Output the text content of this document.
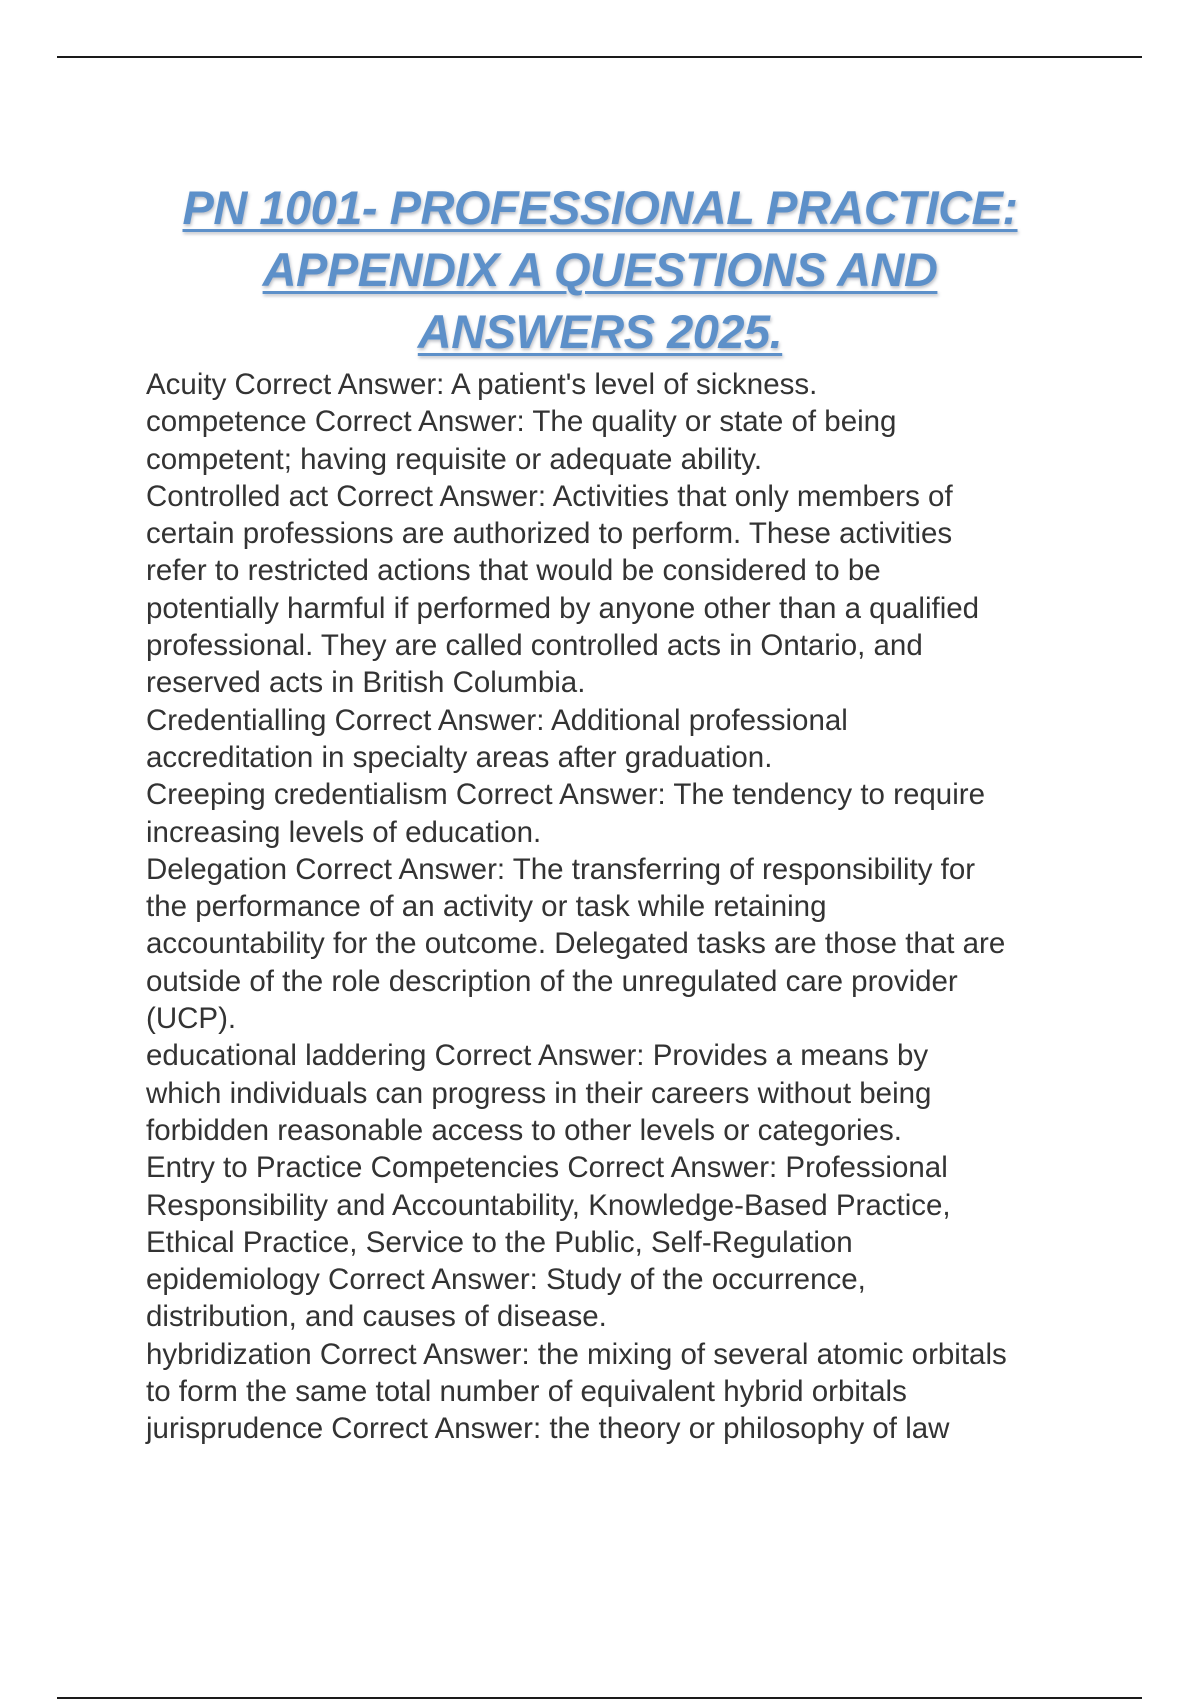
PN 1001- PROFESSIONAL PRACTICE:
APPENDIX A QUESTIONS AND
ANSWERS 2025.
Acuity Correct Answer: A patient's level of sickness.
competence Correct Answer: The quality or state of being
competent; having requisite or adequate ability.
Controlled act Correct Answer: Activities that only members of
certain professions are authorized to perform. These activities
refer to restricted actions that would be considered to be
potentially harmful if performed by anyone other than a qualified
professional. They are called controlled acts in Ontario, and
reserved acts in British Columbia.
Credentialling Correct Answer: Additional professional
accreditation in specialty areas after graduation.
Creeping credentialism Correct Answer: The tendency to require
increasing levels of education.
Delegation Correct Answer: The transferring of responsibility for
the performance of an activity or task while retaining
accountability for the outcome. Delegated tasks are those that are
outside of the role description of the unregulated care provider
(UCP).
educational laddering Correct Answer: Provides a means by
which individuals can progress in their careers without being
forbidden reasonable access to other levels or categories.
Entry to Practice Competencies Correct Answer: Professional
Responsibility and Accountability, Knowledge-Based Practice,
Ethical Practice, Service to the Public, Self-Regulation
epidemiology Correct Answer: Study of the occurrence,
distribution, and causes of disease.
hybridization Correct Answer: the mixing of several atomic orbitals
to form the same total number of equivalent hybrid orbitals
jurisprudence Correct Answer: the theory or philosophy of law
